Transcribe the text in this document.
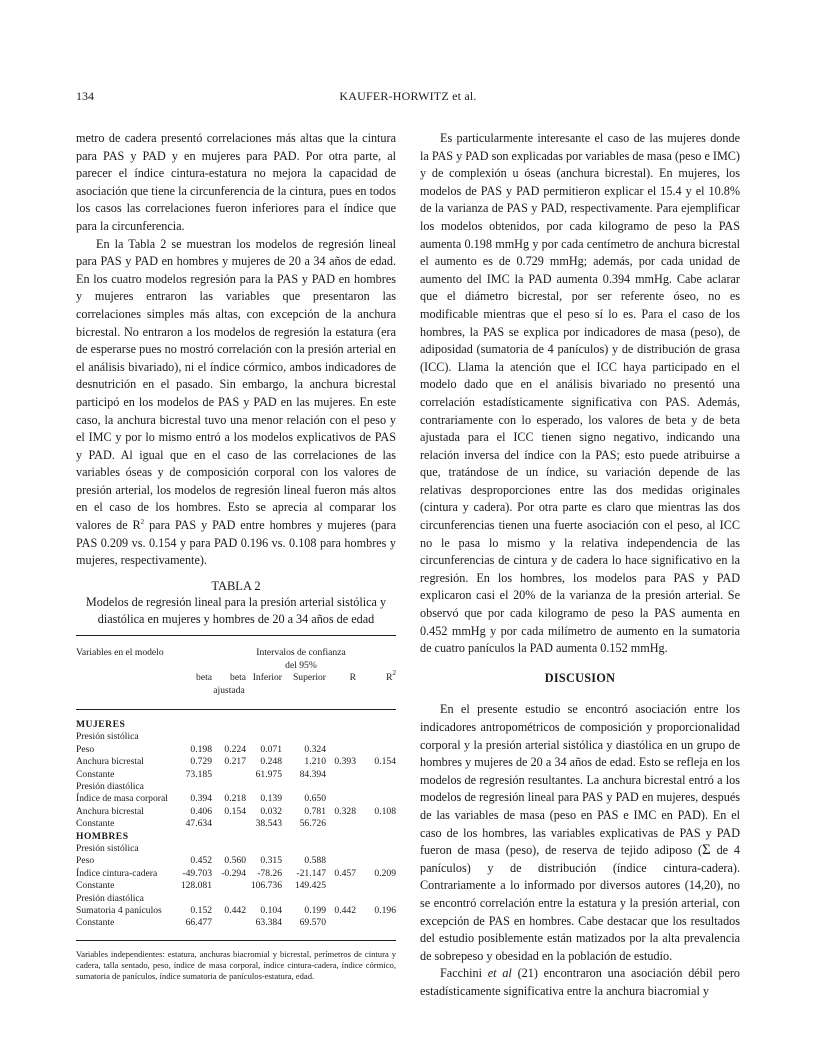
134	KAUFER-HORWITZ et al.

metro de cadera presentó correlaciones más altas que la cintura para PAS y PAD y en mujeres para PAD. Por otra parte, al parecer el índice cintura-estatura no mejora la capacidad de asociación que tiene la circunferencia de la cintura, pues en todos los casos las correlaciones fueron inferiores para el índice que para la circunferencia.

En la Tabla 2 se muestran los modelos de regresión lineal para PAS y PAD en hombres y mujeres de 20 a 34 años de edad. En los cuatro modelos regresión para la PAS y PAD en hombres y mujeres entraron las variables que presentaron las correlaciones simples más altas, con excepción de la anchura bicrestal. No entraron a los modelos de regresión la estatura (era de esperarse pues no mostró correlación con la presión arterial en el análisis bivariado), ni el índice córmico, ambos indicadores de desnutrición en el pasado. Sin embargo, la anchura bicrestal participó en los modelos de PAS y PAD en las mujeres. En este caso, la anchura bicrestal tuvo una menor relación con el peso y el IMC y por lo mismo entró a los modelos explicativos de PAS y PAD. Al igual que en el caso de las correlaciones de las variables óseas y de composición corporal con los valores de presión arterial, los modelos de regresión lineal fueron más altos en el caso de los hombres. Esto se aprecia al comparar los valores de $R^2$ para PAS y PAD entre hombres y mujeres (para PAS 0.209 vs. 0.154 y para PAD 0.196 vs. 0.108 para hombres y mujeres, respectivamente).

TABLA 2
Modelos de regresión lineal para la presión arterial sistólica y diastólica en mujeres y hombres de 20 a 34 años de edad
Variables en el modelo			Intervalos de confianza			
			del 95%			
	beta	beta	Inferior	Superior	R	$R^2$
		ajustada				
MUJERES						
Presión sistólica						
Peso	0.198	0.224	0.071	0.324		
Anchura bicrestal	0.729	0.217	0.248	1.210	0.393	0.154
Constante	73.185		61.975	84.394		
Presión diastólica						
Índice de masa corporal	0.394	0.218	0.139	0.650		
Anchura bicrestal	0.406	0.154	0.032	0.781	0.328	0.108
Constante	47.634		38.543	56.726		
HOMBRES						
Presión sistólica						
Peso	0.452	0.560	0.315	0.588		
Índice cintura-cadera	-49.703	-0.294	-78.26	-21.147	0.457	0.209
Constante	128.081		106.736	149.425		
Presión diastólica						
Sumatoria 4 panículos	0.152	0.442	0.104	0.199	0.442	0.196
Constante	66.477		63.384	69.570		
Variables independientes: estatura, anchuras biacromial y bicrestal, perímetros de cintura y cadera, talla sentado, peso, índice de masa corporal, índice cintura-cadera, índice córmico, sumatoria de panículos, índice sumatoria de panículos-estatura, edad.

Es particularmente interesante el caso de las mujeres donde la PAS y PAD son explicadas por variables de masa (peso e IMC) y de complexión u óseas (anchura bicrestal). En mujeres, los modelos de PAS y PAD permitieron explicar el 15.4 y el 10.8% de la varianza de PAS y PAD, respectivamente. Para ejemplificar los modelos obtenidos, por cada kilogramo de peso la PAS aumenta 0.198 mmHg y por cada centímetro de anchura bicrestal el aumento es de 0.729 mmHg; además, por cada unidad de aumento del IMC la PAD aumenta 0.394 mmHg. Cabe aclarar que el diámetro bicrestal, por ser referente óseo, no es modificable mientras que el peso sí lo es. Para el caso de los hombres, la PAS se explica por indicadores de masa (peso), de adiposidad (sumatoria de 4 panículos) y de distribución de grasa (ICC). Llama la atención que el ICC haya participado en el modelo dado que en el análisis bivariado no presentó una correlación estadísticamente significativa con PAS. Además, contrariamente con lo esperado, los valores de beta y de beta ajustada para el ICC tienen signo negativo, indicando una relación inversa del índice con la PAS; esto puede atribuirse a que, tratándose de un índice, su variación depende de las relativas desproporciones entre las dos medidas originales (cintura y cadera). Por otra parte es claro que mientras las dos circunferencias tienen una fuerte asociación con el peso, al ICC no le pasa lo mismo y la relativa independencia de las circunferencias de cintura y de cadera lo hace significativo en la regresión. En los hombres, los modelos para PAS y PAD explicaron casi el 20% de la varianza de la presión arterial. Se observó que por cada kilogramo de peso la PAS aumenta en 0.452 mmHg y por cada milímetro de aumento en la sumatoria de cuatro panículos la PAD aumenta 0.152 mmHg.

DISCUSION

En el presente estudio se encontró asociación entre los indicadores antropométricos de composición y proporcionalidad corporal y la presión arterial sistólica y diastólica en un grupo de hombres y mujeres de 20 a 34 años de edad. Esto se refleja en los modelos de regresión resultantes. La anchura bicrestal entró a los modelos de regresión lineal para PAS y PAD en mujeres, después de las variables de masa (peso en PAS e IMC en PAD). En el caso de los hombres, las variables explicativas de PAS y PAD fueron de masa (peso), de reserva de tejido adiposo (Σ de 4 panículos) y de distribución (índice cintura-cadera). Contrariamente a lo informado por diversos autores (14,20), no se encontró correlación entre la estatura y la presión arterial, con excepción de PAS en hombres. Cabe destacar que los resultados del estudio posiblemente están matizados por la alta prevalencia de sobrepeso y obesidad en la población de estudio.

Facchini et al (21) encontraron una asociación débil pero estadísticamente significativa entre la anchura biacromial y
